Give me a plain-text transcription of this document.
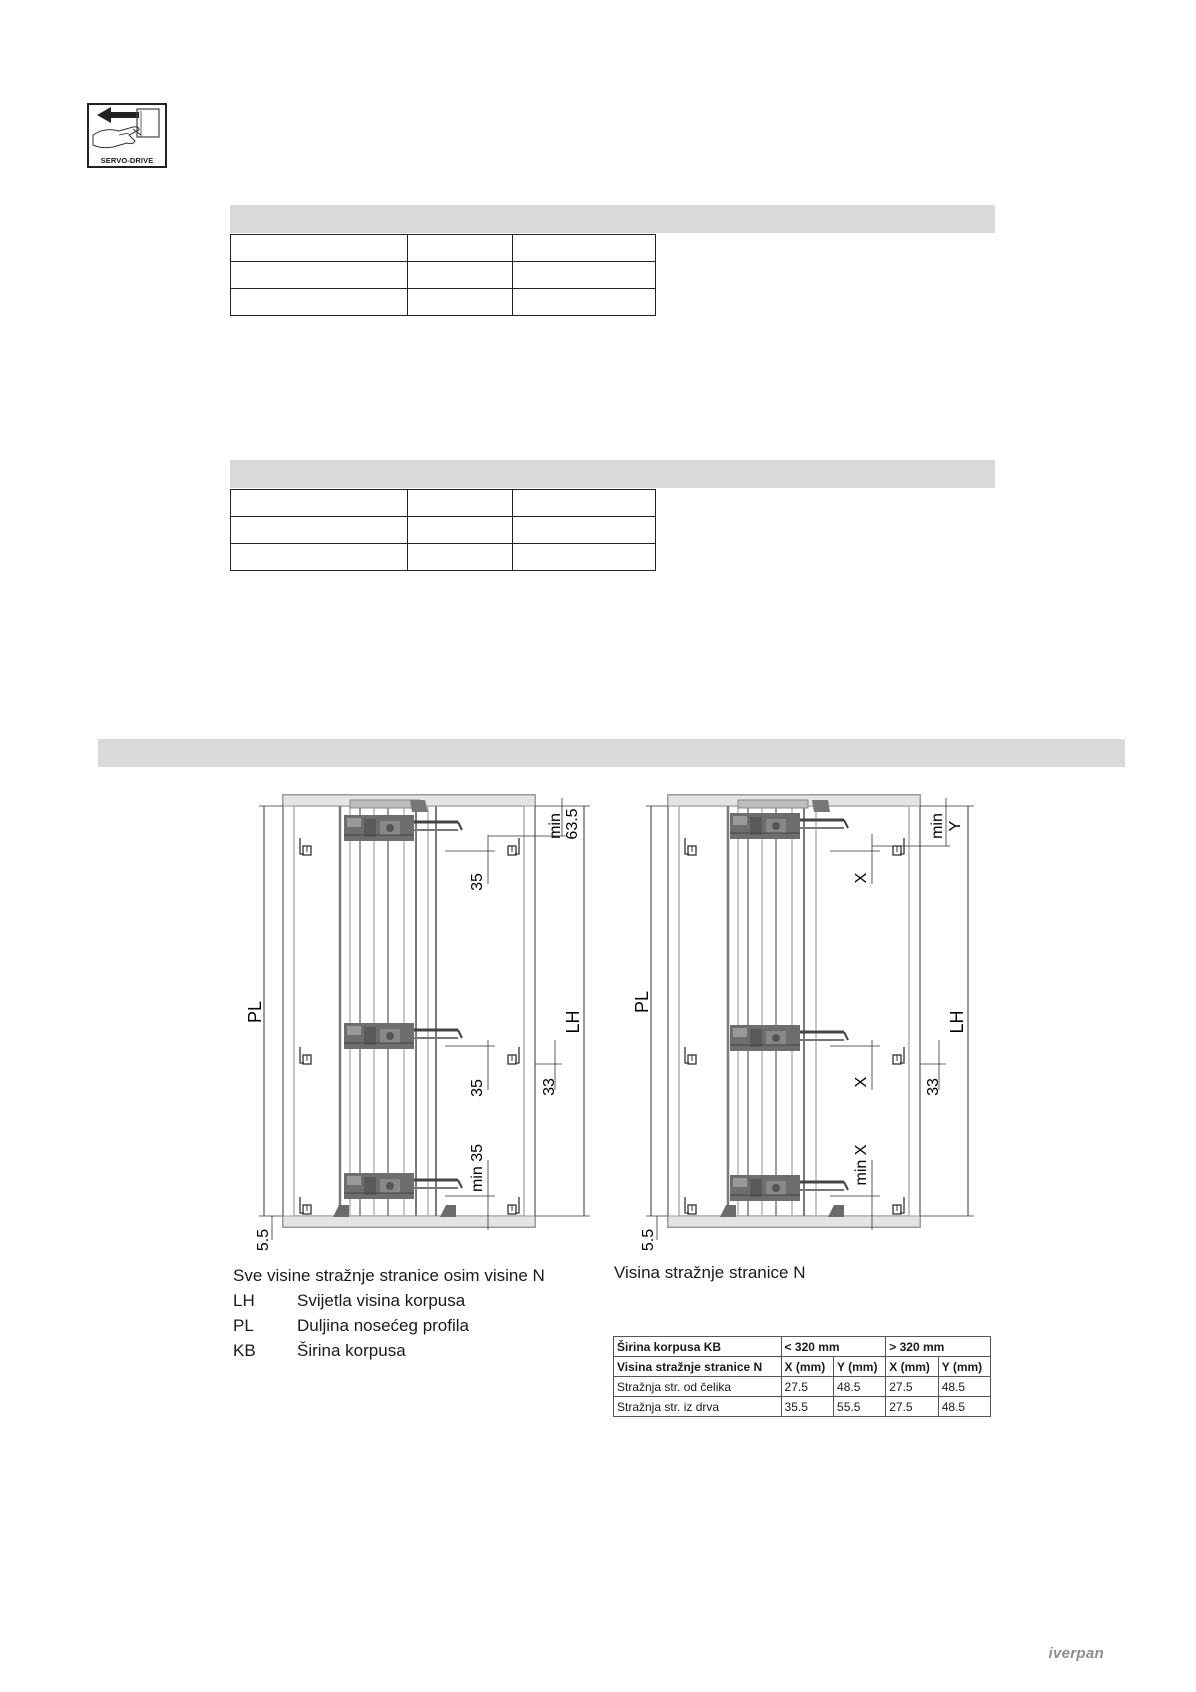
SERVO-DRIVE

PL	LH
35
35
min 35
min 63.5
33
5.5
PL
LH
X
X
min X
min Y
33
5.5
Sve visine stražnje stranice osim visine N
LH	Svijetla visina korpusa
PL	Duljina nosećeg profila
KB	Širina korpusa
Visina stražnje stranice N
Širina korpusa KB	< 320 mm		> 320 mm	
Visina stražnje stranice N	X (mm)	Y (mm)	X (mm)	Y (mm)
Stražnja str. od čelika	27.5	48.5	27.5	48.5
Stražnja str. iz drva	35.5	55.5	27.5	48.5
iverpan
